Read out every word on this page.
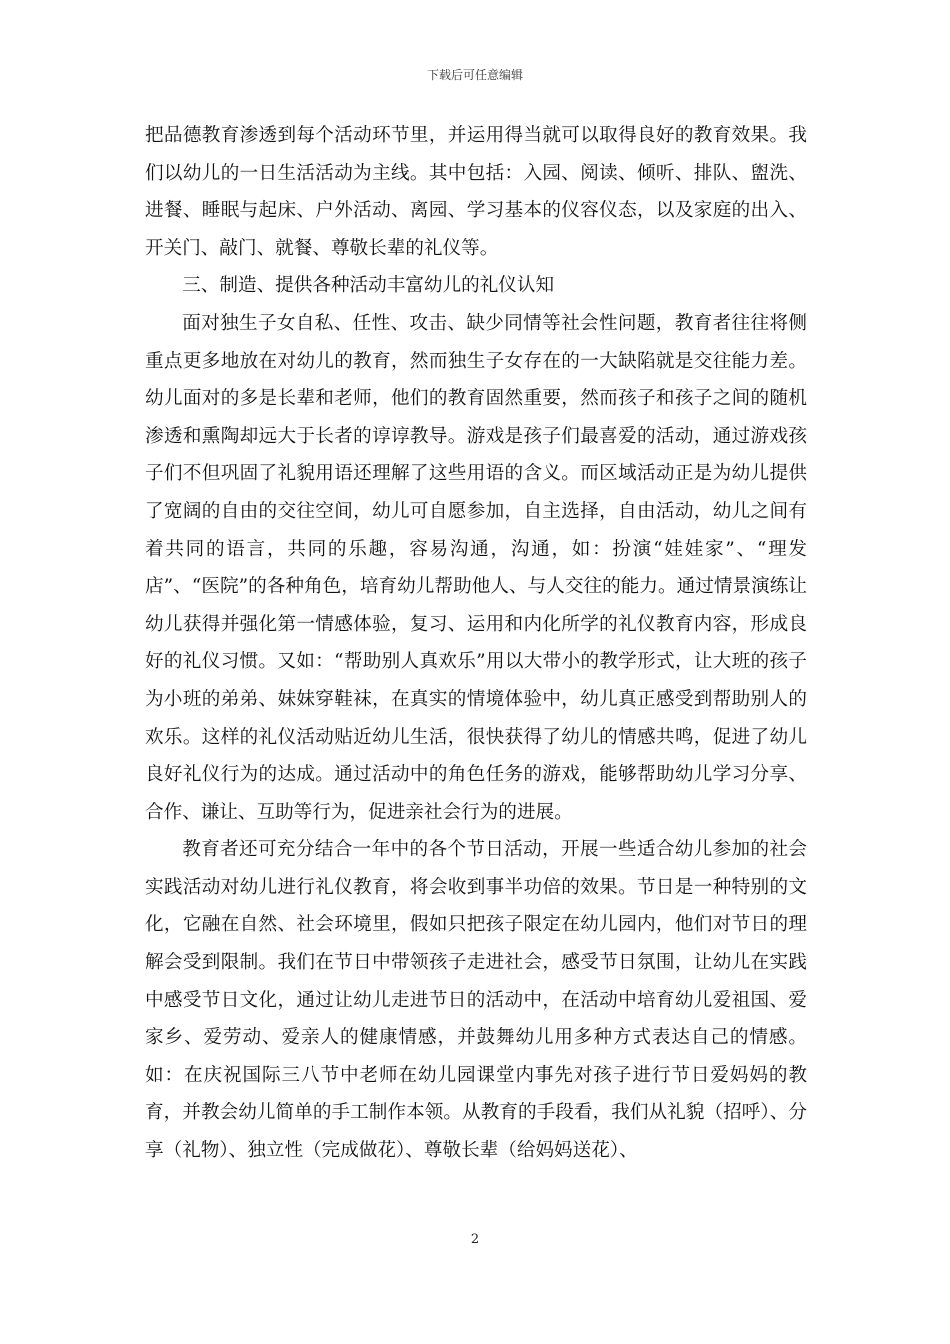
下载后可任意编辑

把品德教育渗透到每个活动环节里，并运用得当就可以取得良好的教育效果。我们以幼儿的一日生活活动为主线。其中包括：入园、阅读、倾听、排队、盥洗、进餐、睡眠与起床、户外活动、离园、学习基本的仪容仪态，以及家庭的出入、开关门、敲门、就餐、尊敬长辈的礼仪等。

三、制造、提供各种活动丰富幼儿的礼仪认知

面对独生子女自私、任性、攻击、缺少同情等社会性问题，教育者往往将侧重点更多地放在对幼儿的教育，然而独生子女存在的一大缺陷就是交往能力差。幼儿面对的多是长辈和老师，他们的教育固然重要，然而孩子和孩子之间的随机渗透和熏陶却远大于长者的谆谆教导。游戏是孩子们最喜爱的活动，通过游戏孩子们不但巩固了礼貌用语还理解了这些用语的含义。而区域活动正是为幼儿提供了宽阔的自由的交往空间，幼儿可自愿参加，自主选择，自由活动，幼儿之间有着共同的语言，共同的乐趣，容易沟通，沟通，如：扮演“娃娃家”、“理发店”、“医院”的各种角色，培育幼儿帮助他人、与人交往的能力。通过情景演练让幼儿获得并强化第一情感体验，复习、运用和内化所学的礼仪教育内容，形成良好的礼仪习惯。又如：“帮助别人真欢乐”用以大带小的教学形式，让大班的孩子为小班的弟弟、妹妹穿鞋袜，在真实的情境体验中，幼儿真正感受到帮助别人的欢乐。这样的礼仪活动贴近幼儿生活，很快获得了幼儿的情感共鸣，促进了幼儿良好礼仪行为的达成。通过活动中的角色任务的游戏，能够帮助幼儿学习分享、合作、谦让、互助等行为，促进亲社会行为的进展。

教育者还可充分结合一年中的各个节日活动，开展一些适合幼儿参加的社会实践活动对幼儿进行礼仪教育，将会收到事半功倍的效果。节日是一种特别的文化，它融在自然、社会环境里，假如只把孩子限定在幼儿园内，他们对节日的理解会受到限制。我们在节日中带领孩子走进社会，感受节日氛围，让幼儿在实践中感受节日文化，通过让幼儿走进节日的活动中，在活动中培育幼儿爱祖国、爱家乡、爱劳动、爱亲人的健康情感，并鼓舞幼儿用多种方式表达自己的情感。如：在庆祝国际三八节中老师在幼儿园课堂内事先对孩子进行节日爱妈妈的教育，并教会幼儿简单的手工制作本领。从教育的手段看，我们从礼貌（招呼）、分享（礼物）、独立性（完成做花）、尊敬长辈（给妈妈送花）、

2
